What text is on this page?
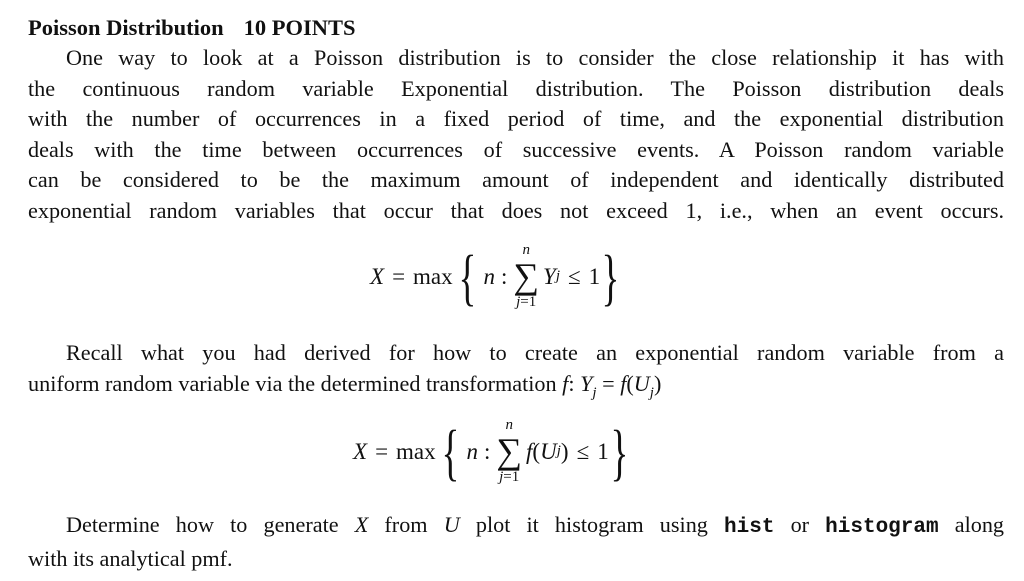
Poisson Distribution 10 POINTS
One way to look at a Poisson distribution is to consider the close relationship it has with
the continuous random variable Exponential distribution. The Poisson distribution deals
with the number of occurrences in a fixed period of time, and the exponential distribution
deals with the time between occurrences of successive events. A Poisson random variable
can be considered to be the maximum amount of independent and identically distributed
exponential random variables that occur that does not exceed 1, i.e., when an event occurs.
X = max { n :
n
∑
j=1
Y j ≤ 1 }
Recall what you had derived for how to create an exponential random variable from a
uniform random variable via the determined transformation f: $Y_j = f(U_j)$
X = max { n :
n
∑
j=1
f ( U j ) ≤ 1 }
Determine how to generate X from U plot it histogram using hist or histogram along
with its analytical pmf.
